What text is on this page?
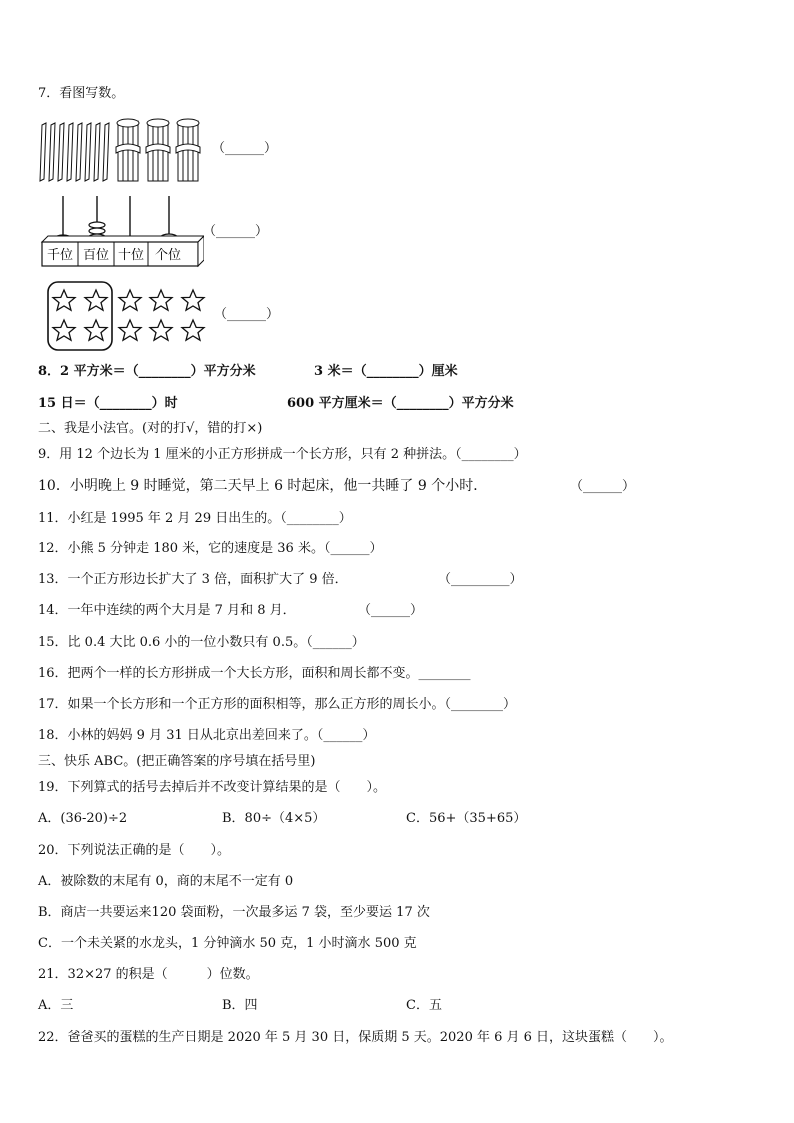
7．看图写数。
（______）
千位 百位 十位 个位
（______）
（______）
8．2 平方米＝（________）平方分米	3 米＝（________）厘米
15 日＝（________）时	600 平方厘米＝（________）平方分米
二、我是小法官。(对的打√，错的打×)
9．用 12 个边长为 1 厘米的小正方形拼成一个长方形，只有 2 种拼法。（________）
10．小明晚上 9 时睡觉，第二天早上 6 时起床，他一共睡了 9 个小时．	（______）
11．小红是 1995 年 2 月 29 日出生的。（________）
12．小熊 5 分钟走 180 米，它的速度是 36 米。（______）
13．一个正方形边长扩大了 3 倍，面积扩大了 9 倍．	（_________）
14．一年中连续的两个大月是 7 月和 8 月．	（______）
15．比 0.4 大比 0.6 小的一位小数只有 0.5。（______）
16．把两个一样的长方形拼成一个大长方形，面积和周长都不变。________
17．如果一个长方形和一个正方形的面积相等，那么正方形的周长小。（________）
18．小林的妈妈 9 月 31 日从北京出差回来了。（______）
三、快乐 ABC。(把正确答案的序号填在括号里)
19．下列算式的括号去掉后并不改变计算结果的是（　　）。
A．(36-20)÷2	B．80÷（4×5）	C．56+（35+65）
20．下列说法正确的是（　　）。
A．被除数的末尾有 0，商的末尾不一定有 0
B．商店一共要运来120 袋面粉，一次最多运 7 袋，至少要运 17 次
C．一个未关紧的水龙头，1 分钟滴水 50 克，1 小时滴水 500 克
21．32×27 的积是（　　　）位数。
A．三	B．四	C．五
22．爸爸买的蛋糕的生产日期是 2020 年 5 月 30 日，保质期 5 天。2020 年 6 月 6 日，这块蛋糕（　　）。
